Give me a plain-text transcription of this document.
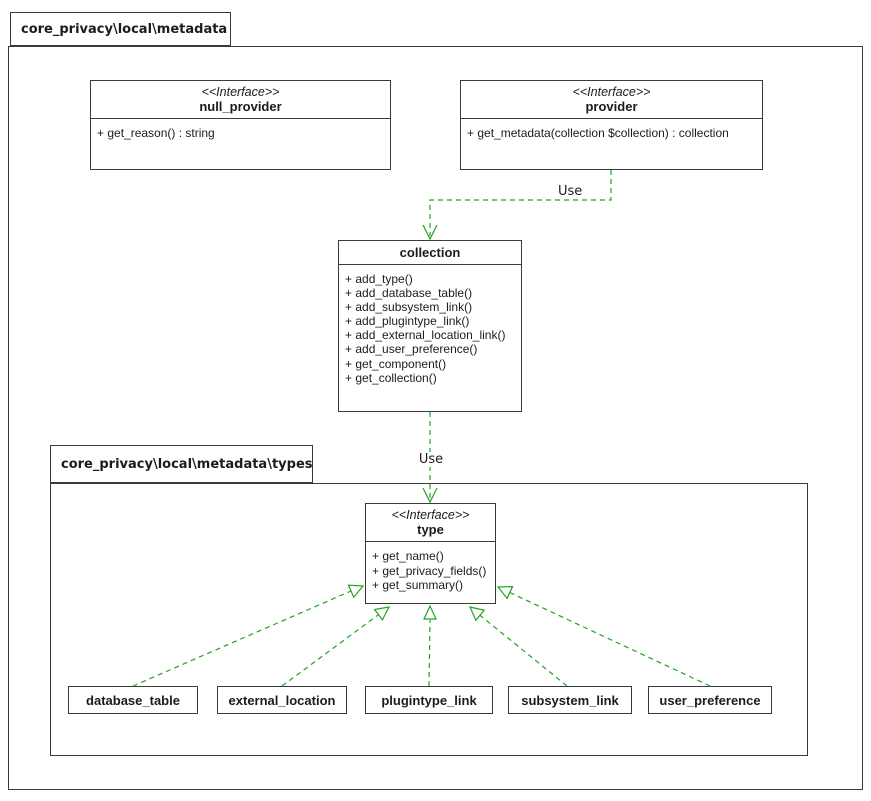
core_privacy\local\metadata
core_privacy\local\metadata\types
<<Interface>>
null_provider
+ get_reason() : string
<<Interface>>
provider
+ get_metadata(collection $collection) : collection
collection
+ add_type()
+ add_database_table()
+ add_subsystem_link()
+ add_plugintype_link()
+ add_external_location_link()
+ add_user_preference()
+ get_component()
+ get_collection()
<<Interface>>
type
+ get_name()
+ get_privacy_fields()
+ get_summary()
database_table	external_location	plugintype_link	subsystem_link	user_preference
Use
Use
